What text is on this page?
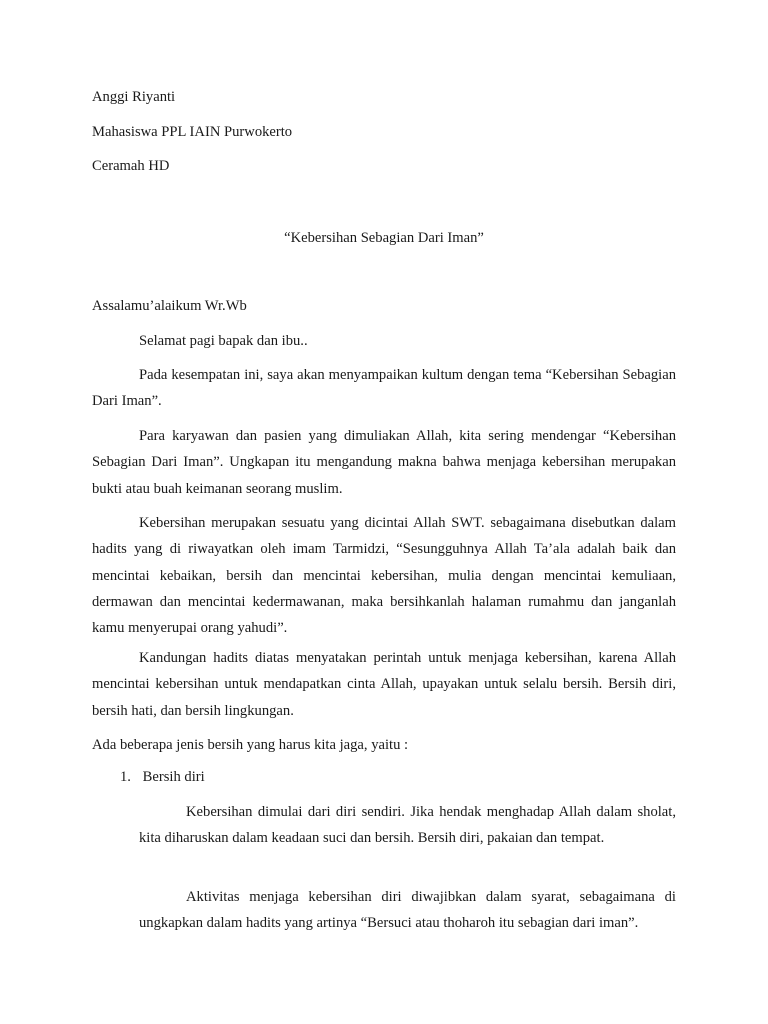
Anggi Riyanti
Mahasiswa PPL IAIN Purwokerto
Ceramah HD
“Kebersihan Sebagian Dari Iman”
Assalamu’alaikum Wr.Wb
Selamat pagi bapak dan ibu..
Pada kesempatan ini, saya akan menyampaikan kultum dengan tema “Kebersihan Sebagian Dari Iman”.
Para karyawan dan pasien yang dimuliakan Allah, kita sering mendengar “Kebersihan Sebagian Dari Iman”. Ungkapan itu mengandung makna bahwa menjaga kebersihan merupakan bukti atau buah keimanan seorang muslim.
Kebersihan merupakan sesuatu yang dicintai Allah SWT. sebagaimana disebutkan dalam hadits yang di riwayatkan oleh imam Tarmidzi, “Sesungguhnya Allah Ta’ala adalah baik dan mencintai kebaikan, bersih dan mencintai kebersihan, mulia dengan mencintai kemuliaan, dermawan dan mencintai kedermawanan, maka bersihkanlah halaman rumahmu dan janganlah kamu menyerupai orang yahudi”.
Kandungan hadits diatas menyatakan perintah untuk menjaga kebersihan, karena Allah mencintai kebersihan untuk mendapatkan cinta Allah, upayakan untuk selalu bersih. Bersih diri, bersih hati, dan bersih lingkungan.
Ada beberapa jenis bersih yang harus kita jaga, yaitu :
1. Bersih diri
Kebersihan dimulai dari diri sendiri. Jika hendak menghadap Allah dalam sholat, kita diharuskan dalam keadaan suci dan bersih. Bersih diri, pakaian dan tempat.
Aktivitas menjaga kebersihan diri diwajibkan dalam syarat, sebagaimana di ungkapkan dalam hadits yang artinya “Bersuci atau thoharoh itu sebagian dari iman”.
